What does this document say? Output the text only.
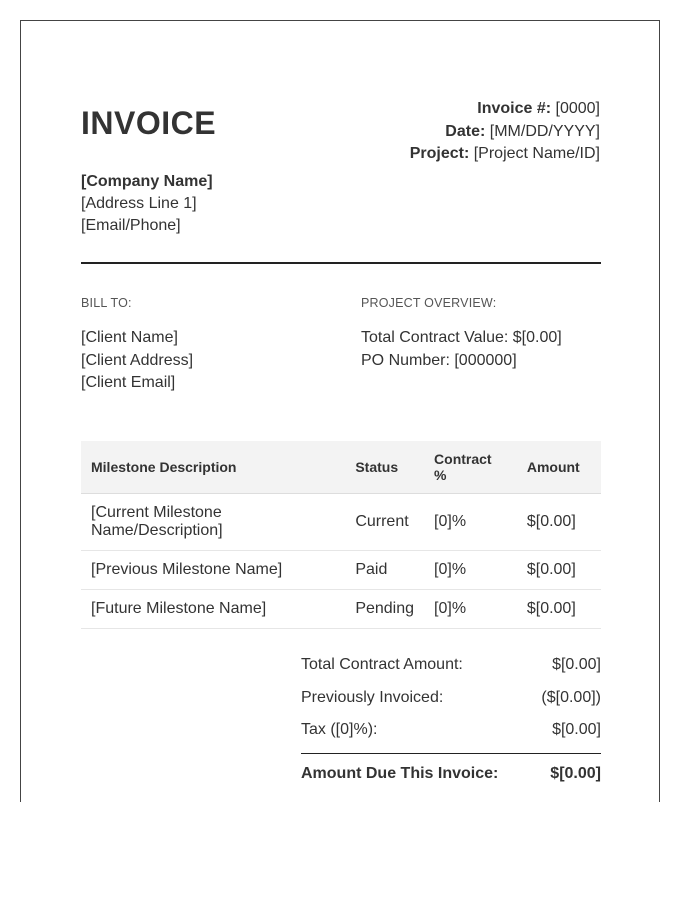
INVOICE	Invoice #: [0000]
Date: [MM/DD/YYYY]
Project: [Project Name/ID]
[Company Name]
[Address Line 1]
[Email/Phone]
BILL TO:
[Client Name]
[Client Address]
[Client Email]
PROJECT OVERVIEW:
Total Contract Value: $[0.00]
PO Number: [000000]
Milestone Description	Status	Contract %	Amount
[Current Milestone Name/Description]	Current	[0]%	$[0.00]
[Previous Milestone Name]	Paid	[0]%	$[0.00]
[Future Milestone Name]	Pending	[0]%	$[0.00]
Total Contract Amount:	$[0.00]
Previously Invoiced:	($[0.00])
Tax ([0]%):	$[0.00]
Amount Due This Invoice:	$[0.00]
